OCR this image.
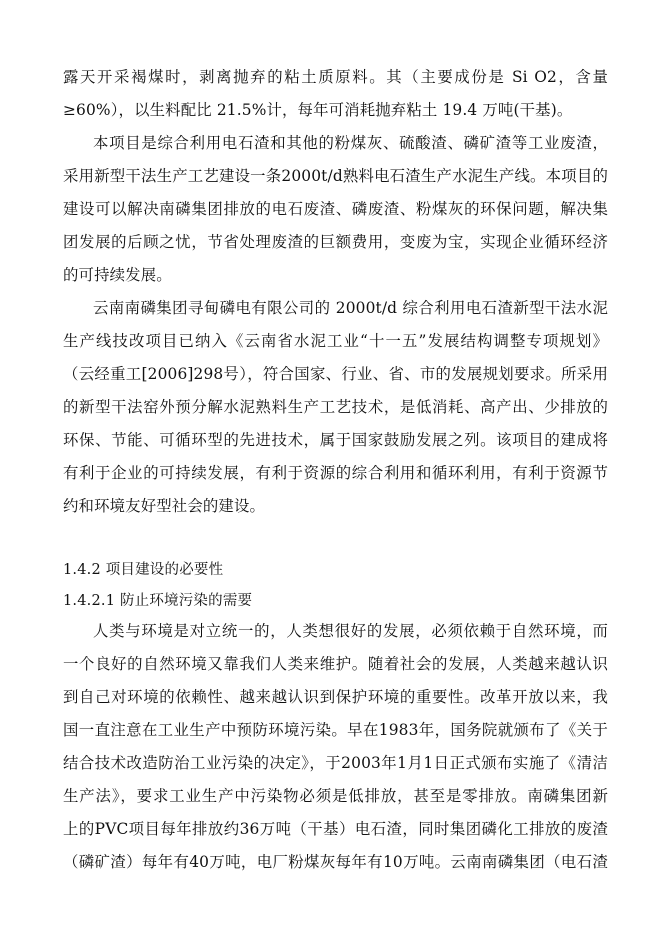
露天开采褐煤时，剥离抛弃的粘土质原料。其（主要成份是 Si O2，含量
≥60%），以生料配比 21.5%计，每年可消耗抛弃粘土 19.4 万吨(干基)。
本项目是综合利用电石渣和其他的粉煤灰、硫酸渣、磷矿渣等工业废渣，
采用新型干法生产工艺建设一条2000t/d熟料电石渣生产水泥生产线。本项目的
建设可以解决南磷集团排放的电石废渣、磷废渣、粉煤灰的环保问题，解决集
团发展的后顾之忧，节省处理废渣的巨额费用，变废为宝，实现企业循环经济
的可持续发展。
云南南磷集团寻甸磷电有限公司的 2000t/d 综合利用电石渣新型干法水泥
生产线技改项目已纳入《云南省水泥工业“十一五”发展结构调整专项规划》
（云经重工[2006]298号），符合国家、行业、省、市的发展规划要求。所采用
的新型干法窑外预分解水泥熟料生产工艺技术，是低消耗、高产出、少排放的
环保、节能、可循环型的先进技术，属于国家鼓励发展之列。该项目的建成将
有利于企业的可持续发展，有利于资源的综合利用和循环利用，有利于资源节
约和环境友好型社会的建设。
1.4.2 项目建设的必要性
1.4.2.1 防止环境污染的需要
人类与环境是对立统一的，人类想很好的发展，必须依赖于自然环境，而
一个良好的自然环境又靠我们人类来维护。随着社会的发展，人类越来越认识
到自己对环境的依赖性、越来越认识到保护环境的重要性。改革开放以来，我
国一直注意在工业生产中预防环境污染。早在1983年，国务院就颁布了《关于
结合技术改造防治工业污染的决定》，于2003年1月1日正式颁布实施了《清洁
生产法》，要求工业生产中污染物必须是低排放，甚至是零排放。南磷集团新
上的PVC项目每年排放约36万吨（干基）电石渣，同时集团磷化工排放的废渣
（磷矿渣）每年有40万吨，电厂粉煤灰每年有10万吨。云南南磷集团（电石渣
